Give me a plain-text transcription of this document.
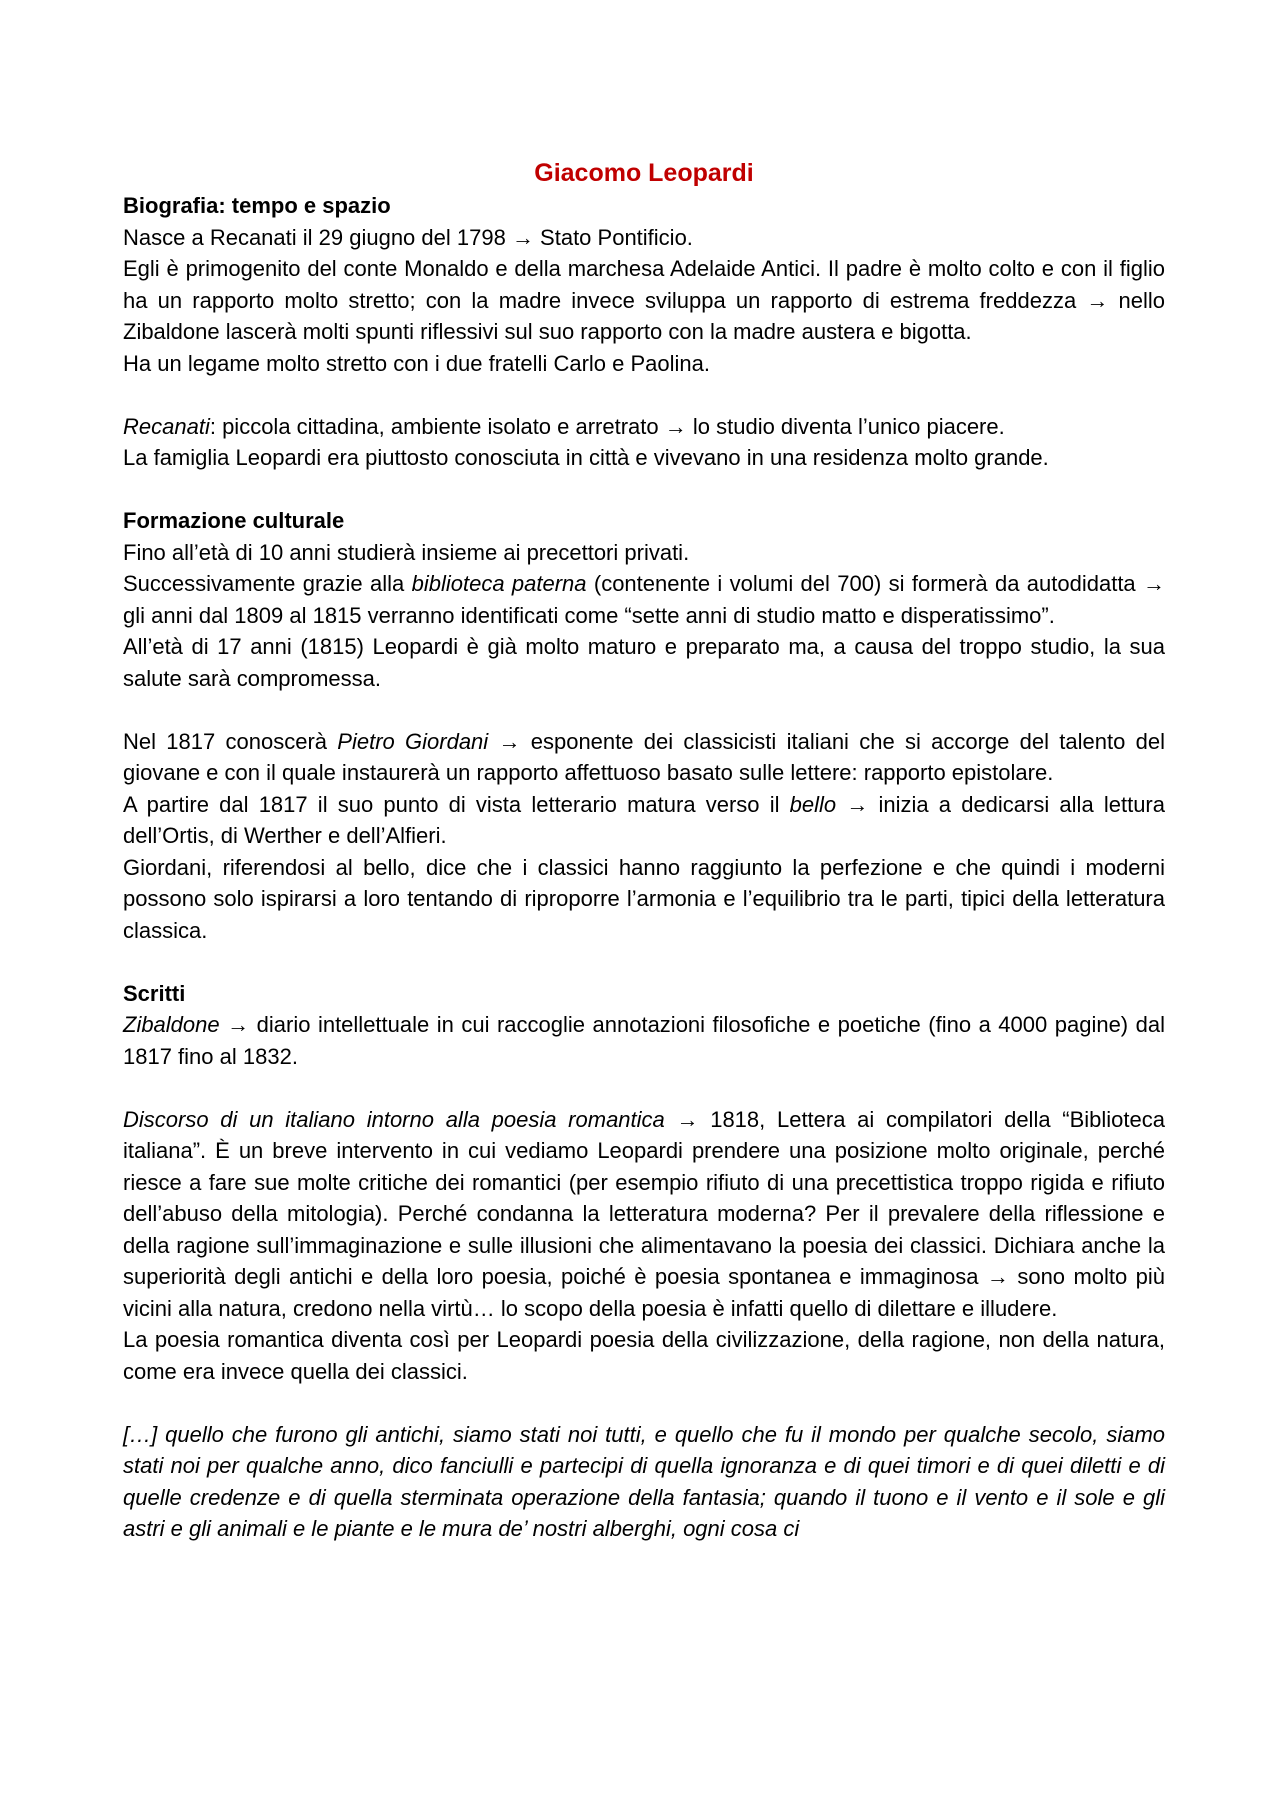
Giacomo Leopardi
Biografia: tempo e spazio

Nasce a Recanati il 29 giugno del 1798 → Stato Pontificio.

Egli è primogenito del conte Monaldo e della marchesa Adelaide Antici. Il padre è molto colto e con il figlio ha un rapporto molto stretto; con la madre invece sviluppa un rapporto di estrema freddezza → nello Zibaldone lascerà molti spunti riflessivi sul suo rapporto con la madre austera e bigotta.

Ha un legame molto stretto con i due fratelli Carlo e Paolina.

Recanati: piccola cittadina, ambiente isolato e arretrato → lo studio diventa l’unico piacere.

La famiglia Leopardi era piuttosto conosciuta in città e vivevano in una residenza molto grande.

Formazione culturale

Fino all’età di 10 anni studierà insieme ai precettori privati.

Successivamente grazie alla biblioteca paterna (contenente i volumi del 700) si formerà da autodidatta → gli anni dal 1809 al 1815 verranno identificati come “sette anni di studio matto e disperatissimo”.

All’età di 17 anni (1815) Leopardi è già molto maturo e preparato ma, a causa del troppo studio, la sua salute sarà compromessa.

Nel 1817 conoscerà Pietro Giordani → esponente dei classicisti italiani che si accorge del talento del giovane e con il quale instaurerà un rapporto affettuoso basato sulle lettere: rapporto epistolare.

A partire dal 1817 il suo punto di vista letterario matura verso il bello → inizia a dedicarsi alla lettura dell’Ortis, di Werther e dell’Alfieri.

Giordani, riferendosi al bello, dice che i classici hanno raggiunto la perfezione e che quindi i moderni possono solo ispirarsi a loro tentando di riproporre l’armonia e l’equilibrio tra le parti, tipici della letteratura classica.

Scritti

Zibaldone → diario intellettuale in cui raccoglie annotazioni filosofiche e poetiche (fino a 4000 pagine) dal 1817 fino al 1832.

Discorso di un italiano intorno alla poesia romantica → 1818, Lettera ai compilatori della “Biblioteca italiana”. È un breve intervento in cui vediamo Leopardi prendere una posizione molto originale, perché riesce a fare sue molte critiche dei romantici (per esempio rifiuto di una precettistica troppo rigida e rifiuto dell’abuso della mitologia). Perché condanna la letteratura moderna? Per il prevalere della riflessione e della ragione sull’immaginazione e sulle illusioni che alimentavano la poesia dei classici. Dichiara anche la superiorità degli antichi e della loro poesia, poiché è poesia spontanea e immaginosa → sono molto più vicini alla natura, credono nella virtù… lo scopo della poesia è infatti quello di dilettare e illudere.

La poesia romantica diventa così per Leopardi poesia della civilizzazione, della ragione, non della natura, come era invece quella dei classici.

[…] quello che furono gli antichi, siamo stati noi tutti, e quello che fu il mondo per qualche secolo, siamo stati noi per qualche anno, dico fanciulli e partecipi di quella ignoranza e di quei timori e di quei diletti e di quelle credenze e di quella sterminata operazione della fantasia; quando il tuono e il vento e il sole e gli astri e gli animali e le piante e le mura de’ nostri alberghi, ogni cosa ci
